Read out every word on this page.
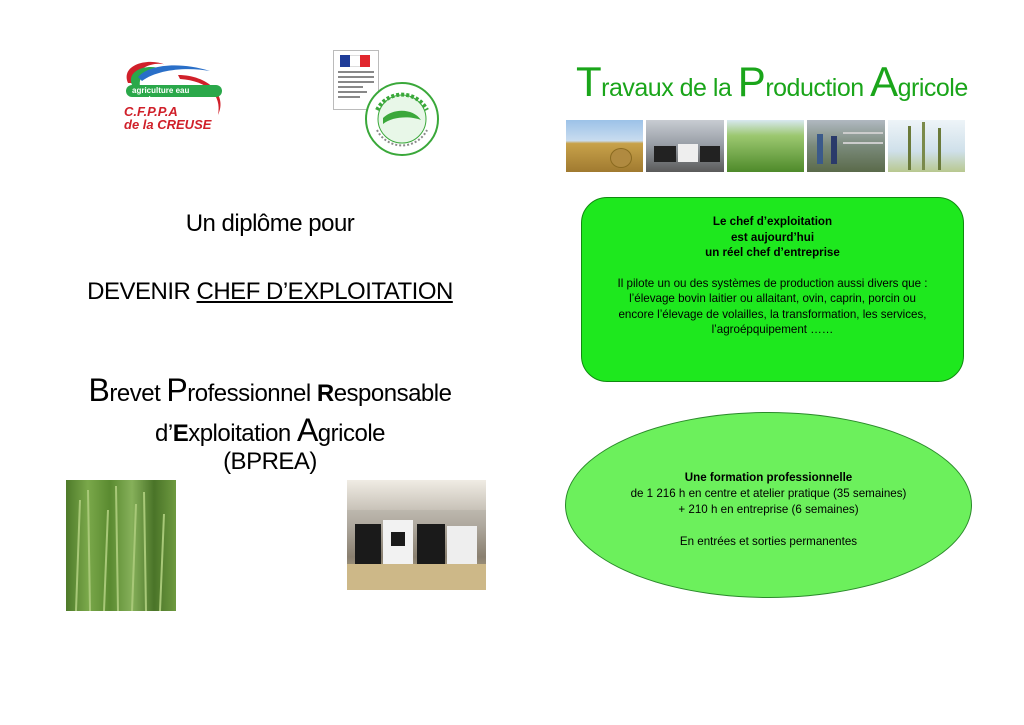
agriculture eau services
C.F.P.P.A
de la CREUSE
Travaux de la Production Agricole
Un diplôme pour
DEVENIR CHEF D’EXPLOITATION
Brevet Professionnel Responsable
d’Exploitation Agricole
(BPREA)
Le chef d’exploitation
est aujourd’hui
un réel chef d’entreprise
Il pilote un ou des systèmes de production aussi divers que :
l’élevage bovin laitier ou allaitant, ovin, caprin, porcin ou
encore l’élevage de volailles, la transformation, les services,
l’agroépquipement ……
Une formation professionnelle
de 1 216 h en centre et atelier pratique (35 semaines)
+ 210 h en entreprise (6 semaines)
En entrées et sorties permanentes
